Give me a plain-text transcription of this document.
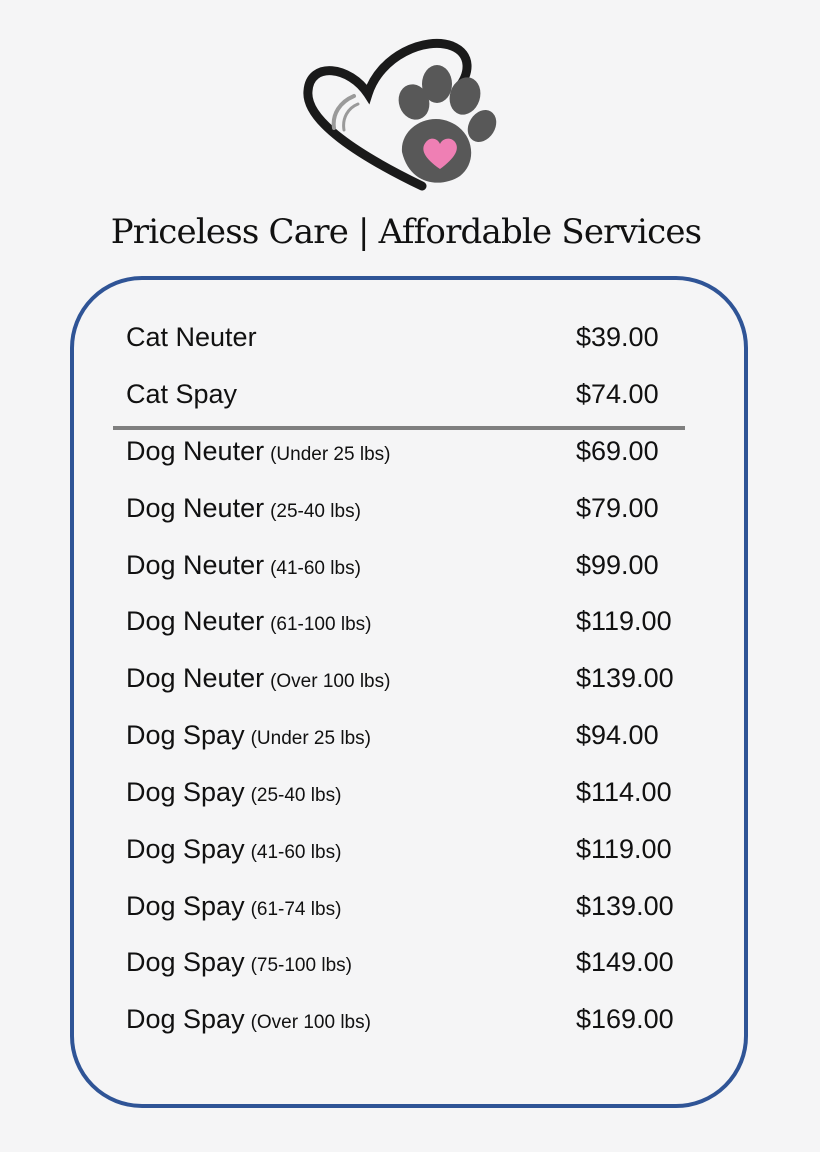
Priceless Care | Affordable Services
Cat Neuter	$39.00
Cat Spay	$74.00
Dog Neuter (Under 25 lbs)	$69.00
Dog Neuter (25-40 lbs)	$79.00
Dog Neuter (41-60 lbs)	$99.00
Dog Neuter (61-100 lbs)	$119.00
Dog Neuter (Over 100 lbs)	$139.00
Dog Spay (Under 25 lbs)	$94.00
Dog Spay (25-40 lbs)	$114.00
Dog Spay (41-60 lbs)	$119.00
Dog Spay (61-74 lbs)	$139.00
Dog Spay (75-100 lbs)	$149.00
Dog Spay (Over 100 lbs)	$169.00
